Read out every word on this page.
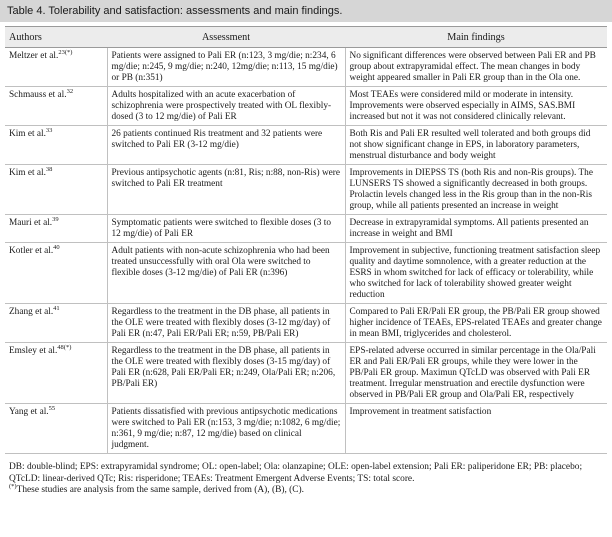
Table 4. Tolerability and satisfaction: assessments and main findings.
Authors	Assessment	Main findings
Meltzer et al.$^{23(*)}$	Patients were assigned to Pali ER (n:123, 3 mg/die; n:234, 6 mg/die; n:245, 9 mg/die; n:240, 12mg/die; n:113, 15 mg/die) or PB (n:351)	No significant differences were observed between Pali ER and PB group about extrapyramidal effect. The mean changes in body weight appeared smaller in Pali ER group than in the Ola one.
Schmauss et al.$^{32}$	Adults hospitalized with an acute exacerbation of schizophrenia were prospectively treated with OL flexibly-dosed (3 to 12 mg/die) of Pali ER	Most TEAEs were considered mild or moderate in intensity. Improvements were observed especially in AIMS, SAS.BMI increased but not it was not considered clinically relevant.
Kim et al.$^{33}$	26 patients continued Ris treatment and 32 patients were switched to Pali ER (3-12 mg/die)	Both Ris and Pali ER resulted well tolerated and both groups did not show significant change in EPS, in laboratory parameters, menstrual disturbance and body weight
Kim et al.$^{38}$	Previous antipsychotic agents (n:81, Ris; n:88, non-Ris) were switched to Pali ER treatment	Improvements in DIEPSS TS (both Ris and non-Ris groups). The LUNSERS TS showed a significantly decreased in both groups. Prolactin levels changed less in the Ris group than in the non-Ris group, while all patients presented an increase in weight
Mauri et al.$^{39}$	Symptomatic patients were switched to flexible doses (3 to 12 mg/die) of Pali ER	Decrease in extrapyramidal symptoms. All patients presented an increase in weight and BMI
Kotler et al.$^{40}$	Adult patients with non-acute schizophrenia who had been treated unsuccessfully with oral Ola were switched to flexible doses (3-12 mg/die) of Pali ER (n:396)	Improvement in subjective, functioning treatment satisfaction sleep quality and daytime somnolence, with a greater reduction at the ESRS in whom switched for lack of efficacy or tolerability, while who switched for lack of tolerability showed greater weight reduction
Zhang et al.$^{41}$	Regardless to the treatment in the DB phase, all patients in the OLE were treated with flexibly doses (3-12 mg/day) of Pali ER (n:47, Pali ER/Pali ER; n:59, PB/Pali ER)	Compared to Pali ER/Pali ER group, the PB/Pali ER group showed higher incidence of TEAEs, EPS-related TEAEs and greater change in mean BMI, triglycerides and cholesterol.
Emsley et al.$^{48(*)}$	Regardless to the treatment in the DB phase, all patients in the OLE were treated with flexibly doses (3-15 mg/day) of Pali ER (n:628, Pali ER/Pali ER; n:249, Ola/Pali ER; n:206, PB/Pali ER)	EPS-related adverse occurred in similar percentage in the Ola/Pali ER and Pali ER/Pali ER groups, while they were lower in the PB/Pali ER group. Maximun QTcLD was observed with Pali ER treatment. Irregular menstruation and erectile dysfunction were observed in PB/Pali ER group and Ola/Pali ER, respectively
Yang et al.$^{55}$	Patients dissatisfied with previous antipsychotic medications were switched to Pali ER (n:153, 3 mg/die; n:1082, 6 mg/die; n:361, 9 mg/die; n:87, 12 mg/die) based on clinical judgment.	Improvement in treatment satisfaction
DB: double-blind; EPS: extrapyramidal syndrome; OL: open-label; Ola: olanzapine; OLE: open-label extension; Pali ER: paliperidone ER; PB: placebo; QTcLD: linear-derived QTc; Ris: risperidone; TEAEs: Treatment Emergent Adverse Events; TS: total score.
(*)These studies are analysis from the same sample, derived from (A), (B), (C).
